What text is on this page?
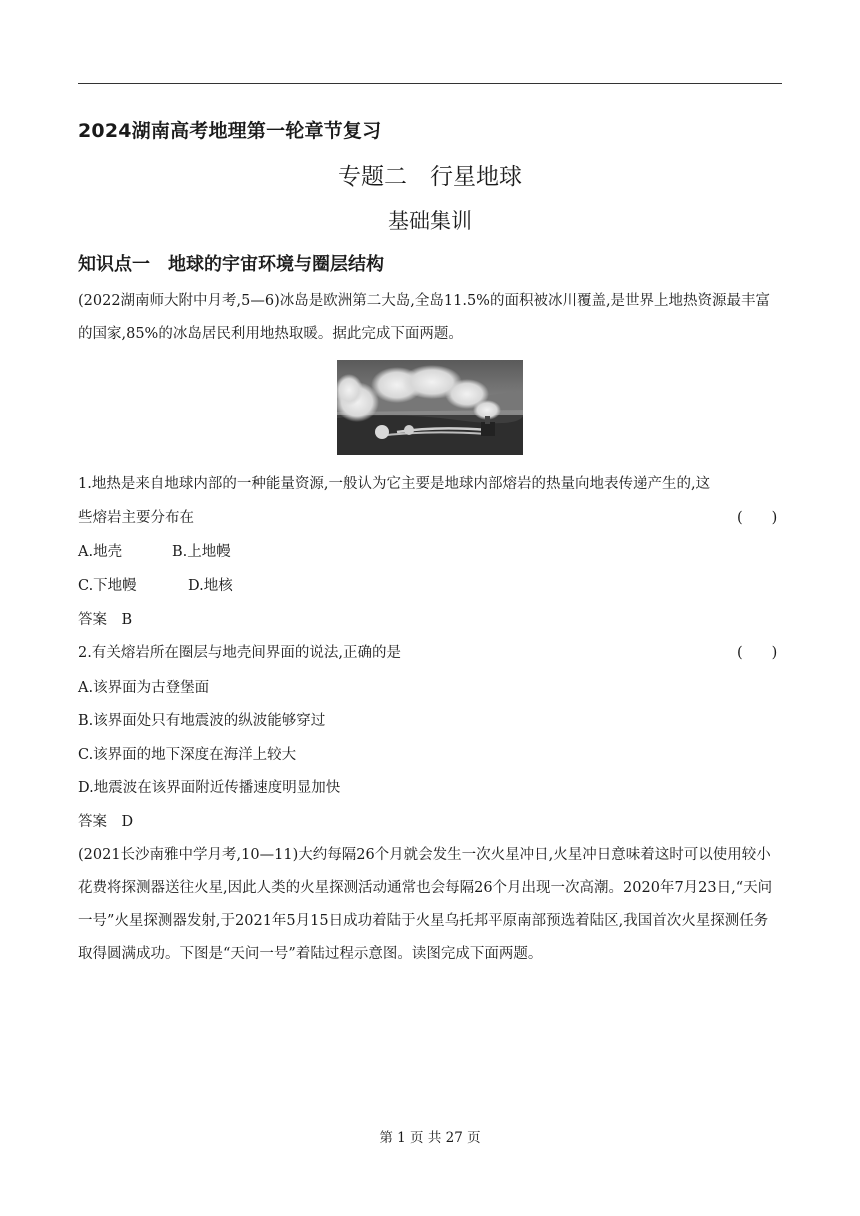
2024湖南高考地理第一轮章节复习
专题二　行星地球
基础集训
知识点一　地球的宇宙环境与圈层结构
(2022湖南师大附中月考,5—6)冰岛是欧洲第二大岛,全岛11.5%的面积被冰川覆盖,是世界上地热资源最丰富的国家,85%的冰岛居民利用地热取暖。据此完成下面两题。
1.地热是来自地球内部的一种能量资源,一般认为它主要是地球内部熔岩的热量向地表传递产生的,这
些熔岩主要分布在	(　　)
A.地壳	B.上地幔
C.下地幔	D.地核
答案　B
2.有关熔岩所在圈层与地壳间界面的说法,正确的是	(　　)
A.该界面为古登堡面
B.该界面处只有地震波的纵波能够穿过
C.该界面的地下深度在海洋上较大
D.地震波在该界面附近传播速度明显加快
答案　D
(2021长沙南雅中学月考,10—11)大约每隔26个月就会发生一次火星冲日,火星冲日意味着这时可以使用较小花费将探测器送往火星,因此人类的火星探测活动通常也会每隔26个月出现一次高潮。2020年7月23日,“天问一号”火星探测器发射,于2021年5月15日成功着陆于火星乌托邦平原南部预选着陆区,我国首次火星探测任务取得圆满成功。下图是“天问一号”着陆过程示意图。读图完成下面两题。
第 1 页 共 27 页
